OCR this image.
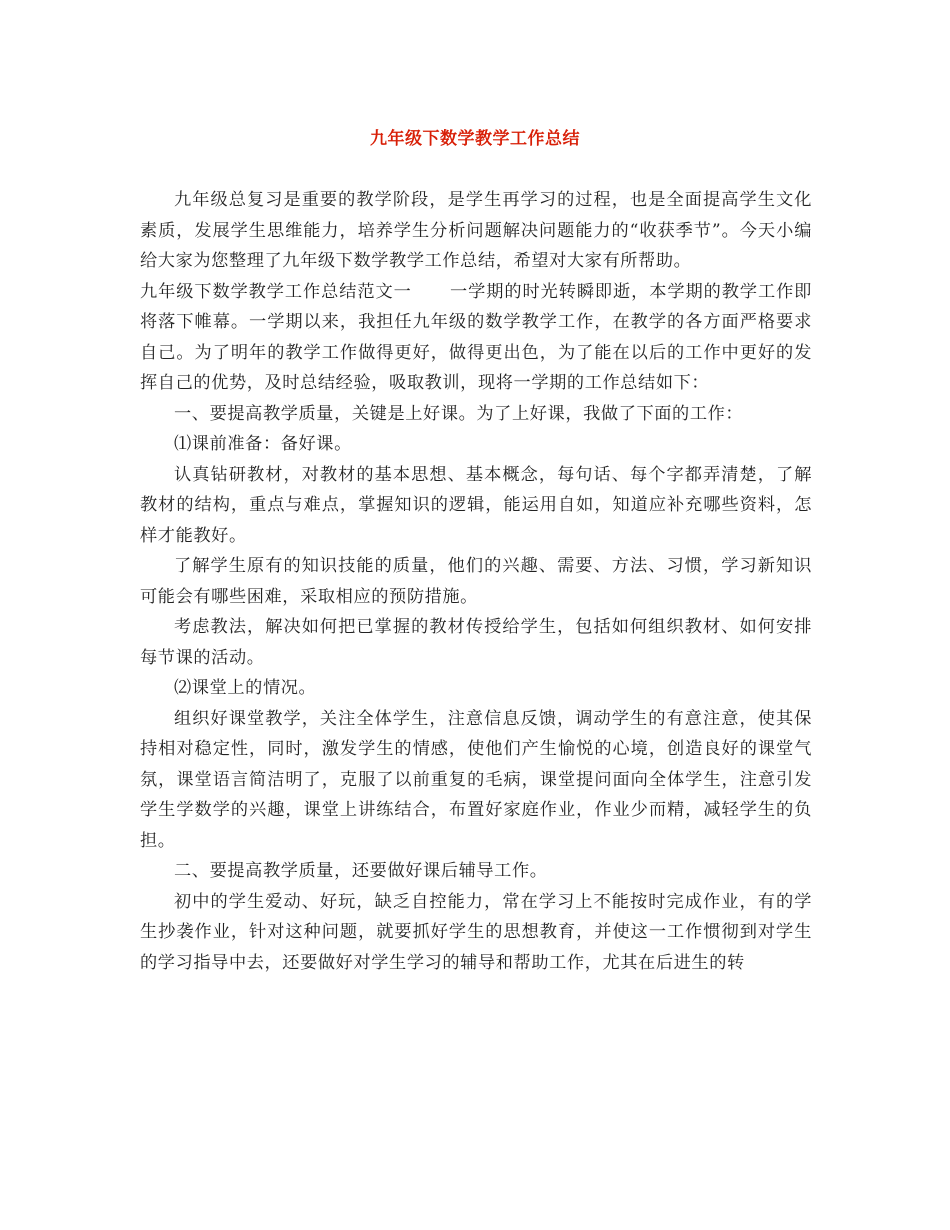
九年级下数学教学工作总结

九年级总复习是重要的教学阶段，是学生再学习的过程，也是全面提高学生文化素质，发展学生思维能力，培养学生分析问题解决问题能力的“收获季节”。今天小编给大家为您整理了九年级下数学教学工作总结，希望对大家有所帮助。

九年级下数学教学工作总结范文一 一学期的时光转瞬即逝，本学期的教学工作即将落下帷幕。一学期以来，我担任九年级的数学教学工作，在教学的各方面严格要求自己。为了明年的教学工作做得更好，做得更出色，为了能在以后的工作中更好的发挥自己的优势，及时总结经验，吸取教训，现将一学期的工作总结如下：

一、要提高教学质量，关键是上好课。为了上好课，我做了下面的工作：

⑴课前准备：备好课。

认真钻研教材，对教材的基本思想、基本概念，每句话、每个字都弄清楚，了解教材的结构，重点与难点，掌握知识的逻辑，能运用自如，知道应补充哪些资料，怎样才能教好。

了解学生原有的知识技能的质量，他们的兴趣、需要、方法、习惯，学习新知识可能会有哪些困难，采取相应的预防措施。

考虑教法，解决如何把已掌握的教材传授给学生，包括如何组织教材、如何安排每节课的活动。

⑵课堂上的情况。

组织好课堂教学，关注全体学生，注意信息反馈，调动学生的有意注意，使其保持相对稳定性，同时，激发学生的情感，使他们产生愉悦的心境，创造良好的课堂气氛，课堂语言简洁明了，克服了以前重复的毛病，课堂提问面向全体学生，注意引发学生学数学的兴趣，课堂上讲练结合，布置好家庭作业，作业少而精，减轻学生的负担。

二、要提高教学质量，还要做好课后辅导工作。

初中的学生爱动、好玩，缺乏自控能力，常在学习上不能按时完成作业，有的学生抄袭作业，针对这种问题，就要抓好学生的思想教育，并使这一工作惯彻到对学生的学习指导中去，还要做好对学生学习的辅导和帮助工作，尤其在后进生的转
